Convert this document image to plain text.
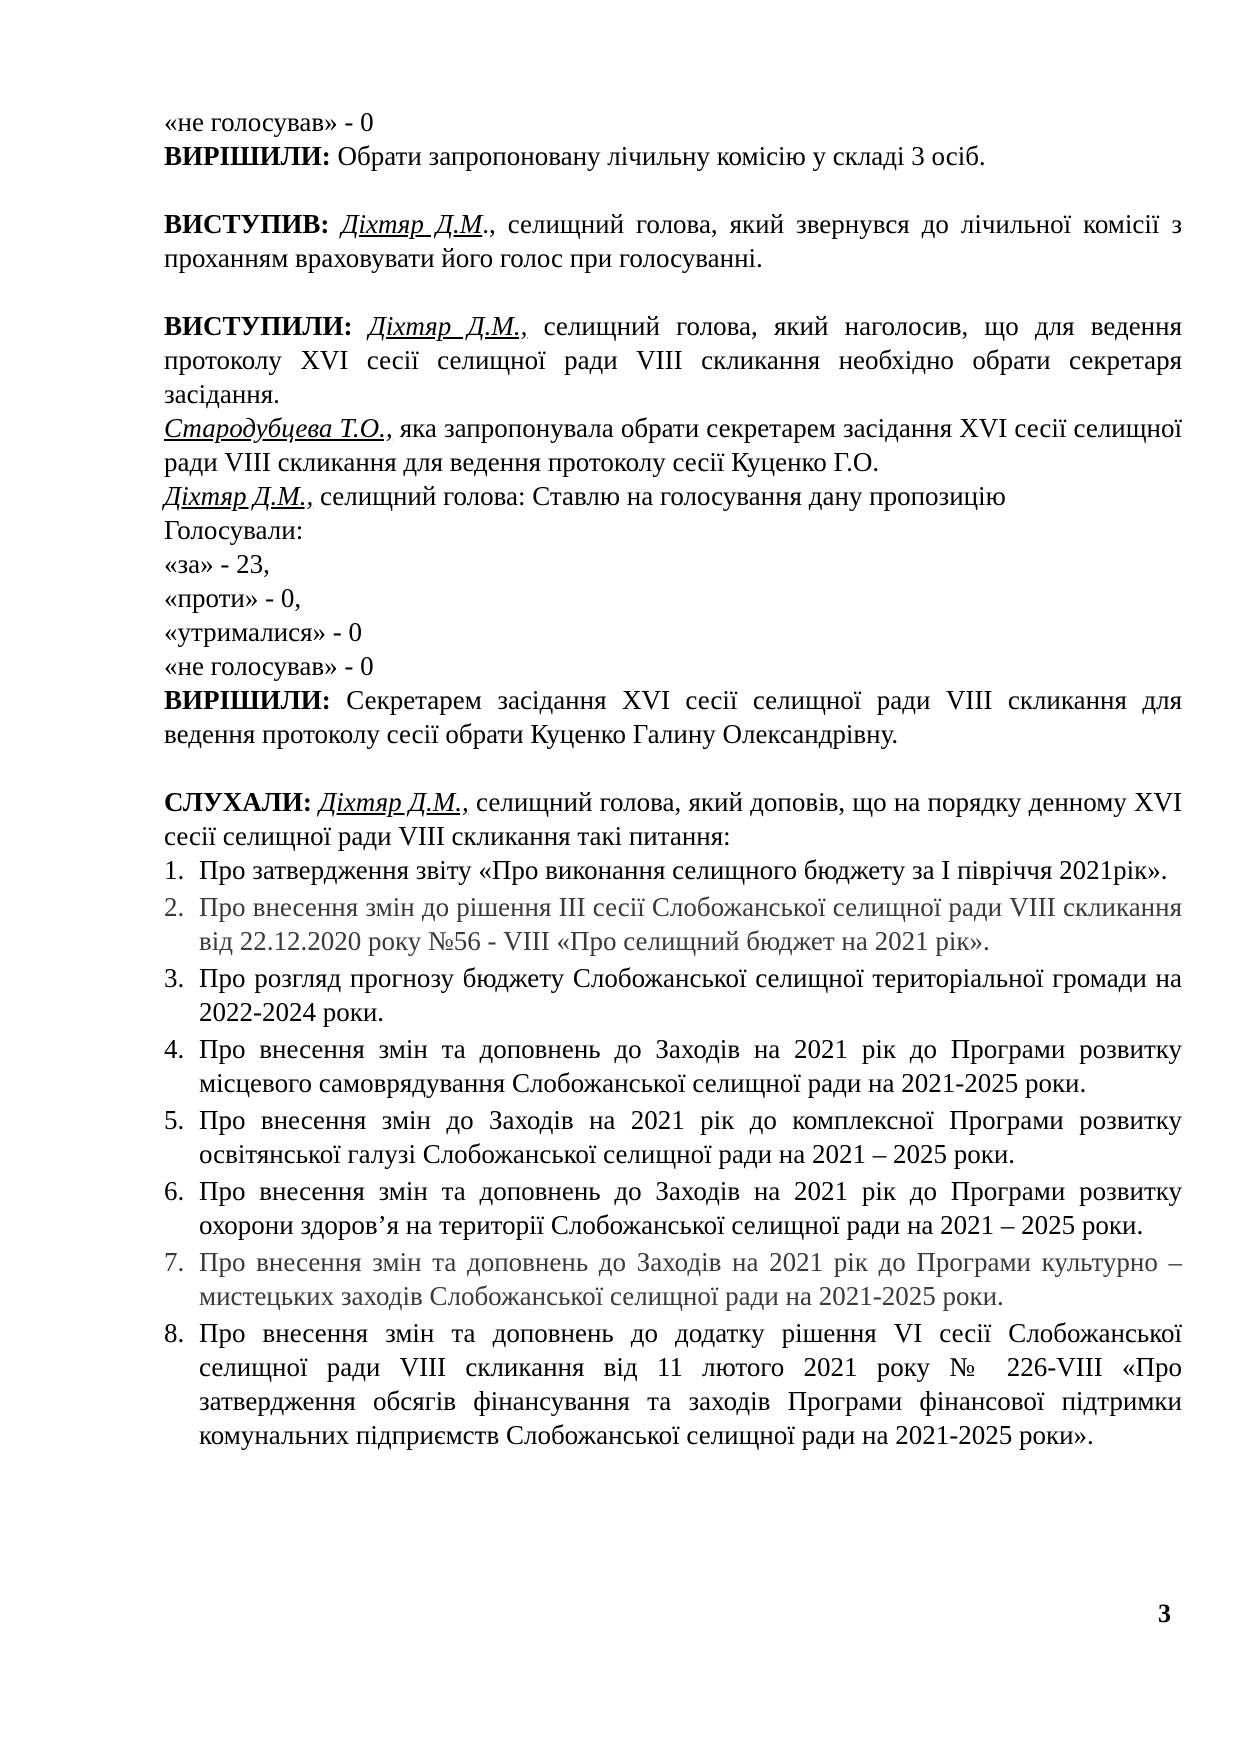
«не голосував» - 0

ВИРІШИЛИ: Обрати запропоновану лічильну комісію у складі 3 осіб.

ВИСТУПИВ: Діхтяр Д.М., селищний голова, який звернувся до лічильної комісії з проханням враховувати його голос при голосуванні.

ВИСТУПИЛИ: Діхтяр Д.М., селищний голова, який наголосив, що для ведення протоколу XVI сесії селищної ради VIII скликання необхідно обрати секретаря засідання.

Стародубцева Т.О., яка запропонувала обрати секретарем засідання XVI сесії селищної ради VIII скликання для ведення протоколу сесії Куценко Г.О.

Діхтяр Д.М., селищний голова: Ставлю на голосування дану пропозицію

Голосували:

«за» - 23,

«проти» - 0,

«утрималися» - 0

«не голосував» - 0

ВИРІШИЛИ: Секретарем засідання XVI сесії селищної ради VIII скликання для ведення протоколу сесії обрати Куценко Галину Олександрівну.

СЛУХАЛИ: Діхтяр Д.М., селищний голова, який доповів, що на порядку денному XVI сесії селищної ради VIII скликання такі питання:

1. Про затвердження звіту «Про виконання селищного бюджету за І півріччя 2021рік».
2. Про внесення змін до рішення ІІІ сесії Слобожанської селищної ради VIII скликання від 22.12.2020 року №56 - VIII «Про селищний бюджет на 2021 рік».
3. Про розгляд прогнозу бюджету Слобожанської селищної територіальної громади на 2022-2024 роки.
4. Про внесення змін та доповнень до Заходів на 2021 рік до Програми розвитку місцевого самоврядування Слобожанської селищної ради на 2021-2025 роки.
5. Про внесення змін до Заходів на 2021 рік до комплексної Програми розвитку освітянської галузі Слобожанської селищної ради на 2021 – 2025 роки.
6. Про внесення змін та доповнень до Заходів на 2021 рік до Програми розвитку охорони здоров’я на території Слобожанської селищної ради на 2021 – 2025 роки.
7. Про внесення змін та доповнень до Заходів на 2021 рік до Програми культурно – мистецьких заходів Слобожанської селищної ради на 2021-2025 роки.
8. Про внесення змін та доповнень до додатку рішення VI сесії Слобожанської селищної ради VIII скликання від 11 лютого 2021 року № 226-VIII «Про затвердження обсягів фінансування та заходів Програми фінансової підтримки комунальних підприємств Слобожанської селищної ради на 2021-2025 роки».
3
